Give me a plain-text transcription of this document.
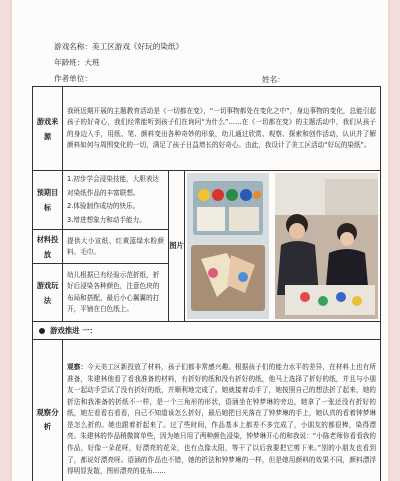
游戏名称：美工区游戏《好玩的染纸》
年龄班：大班
作者单位：	姓名：
游戏来源	我班近期开展的主题教育活动是《一切都在变》，“一切事物都处在变化之中”，身边事物的变化，总能引起孩子的好奇心，我们经常能听到孩子们在询问“为什么”……在《一切都在变》的主题活动中，我们从孩子的身边入手，用纸、笔、颜料变出各种奇妙的形象，幼儿通过欣赏、观察、探索和创作活动，认识并了解颜料如何与周围变化的一切，满足了孩子日益增长的好奇心。由此，我设计了美工区活动“好玩的染纸”。		
预期目标	1.初步学会浸染技能，大胆表达对染纸作品的丰富联想。
2.体验制作成功的快乐。
3.增进想象力和动手能力。	图片	

材料投放	提供大小宣纸、红黄蓝绿水粉颜料、毛巾。		
游戏玩法	幼儿根据已有经验示范折纸，折好后浸染各种颜色，注意色块的布局和搭配，最后小心翼翼的打开，平铺在白色纸上。		
游戏推进 一：			
观察分析	观察：今天美工区新投放了材料，孩子们都非常感兴趣。根据孩子们的能力水平的差异，在材料上也有所准备，朱建林他看了看我准备的材料，有折好的纸和没有折好的纸，他马上选择了折好的纸，并且与小朋友一起动手尝试了没有折好的纸，并顺利地完成了。她就接着动手了，她按照自己的想法折了起来，她的折法和我准备的折纸不一样，是一个三角形的形状，语涵坐在钟梦琳的旁边，她拿了一张还没有折好的纸，她左看看右看看，自己不知道该怎么折好，最后她把目光落在了钟梦琳的手上，她认真的看着钟梦琳是怎么折的。她也跟着折起来了。过了些时间，作品基本上都差不多完成了，小朋友的都很棒，染得漂亮。朱建林的作品稍微简单些，因为她只用了两种颜色浸染，钟梦琳开心的和我说：“小陈老师你看看我的作品，好像一朵花呀，好漂亮的花朵，也有点像太阳，等干了以后我要把它剪下来。”别的小朋友也看到了，都说好漂亮呀。语涵的作品也不错，她的折法和钟梦琳的一样，但是她用颜料的效果不同，颜料漂浮得明显发散，图形漂亮的花布……		
